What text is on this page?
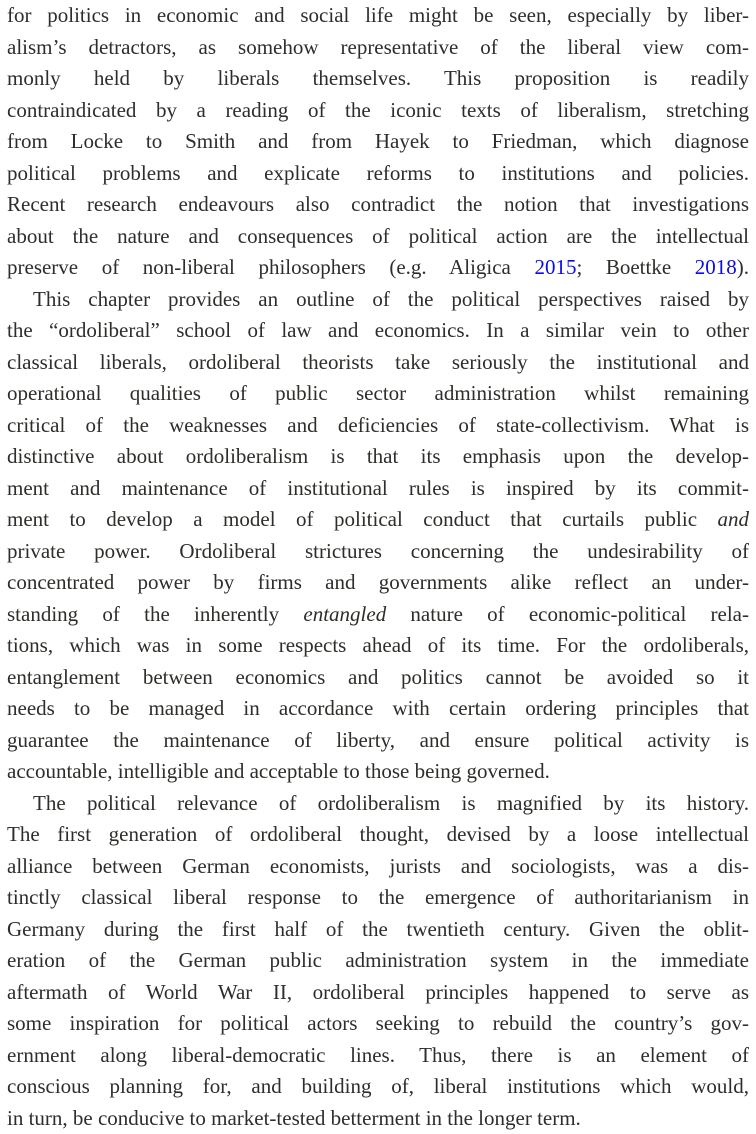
for politics in economic and social life might be seen, especially by liber-
alism’s detractors, as somehow representative of the liberal view com-
monly held by liberals themselves. This proposition is readily
contraindicated by a reading of the iconic texts of liberalism, stretching
from Locke to Smith and from Hayek to Friedman, which diagnose
political problems and explicate reforms to institutions and policies.
Recent research endeavours also contradict the notion that investigations
about the nature and consequences of political action are the intellectual
preserve of non-liberal philosophers (e.g. Aligica 2015; Boettke 2018).
This chapter provides an outline of the political perspectives raised by
the “ordoliberal” school of law and economics. In a similar vein to other
classical liberals, ordoliberal theorists take seriously the institutional and
operational qualities of public sector administration whilst remaining
critical of the weaknesses and deficiencies of state-collectivism. What is
distinctive about ordoliberalism is that its emphasis upon the develop-
ment and maintenance of institutional rules is inspired by its commit-
ment to develop a model of political conduct that curtails public and
private power. Ordoliberal strictures concerning the undesirability of
concentrated power by firms and governments alike reflect an under-
standing of the inherently entangled nature of economic-political rela-
tions, which was in some respects ahead of its time. For the ordoliberals,
entanglement between economics and politics cannot be avoided so it
needs to be managed in accordance with certain ordering principles that
guarantee the maintenance of liberty, and ensure political activity is
accountable, intelligible and acceptable to those being governed.
The political relevance of ordoliberalism is magnified by its history.
The first generation of ordoliberal thought, devised by a loose intellectual
alliance between German economists, jurists and sociologists, was a dis-
tinctly classical liberal response to the emergence of authoritarianism in
Germany during the first half of the twentieth century. Given the oblit-
eration of the German public administration system in the immediate
aftermath of World War II, ordoliberal principles happened to serve as
some inspiration for political actors seeking to rebuild the country’s gov-
ernment along liberal-democratic lines. Thus, there is an element of
conscious planning for, and building of, liberal institutions which would,
in turn, be conducive to market-tested betterment in the longer term.
